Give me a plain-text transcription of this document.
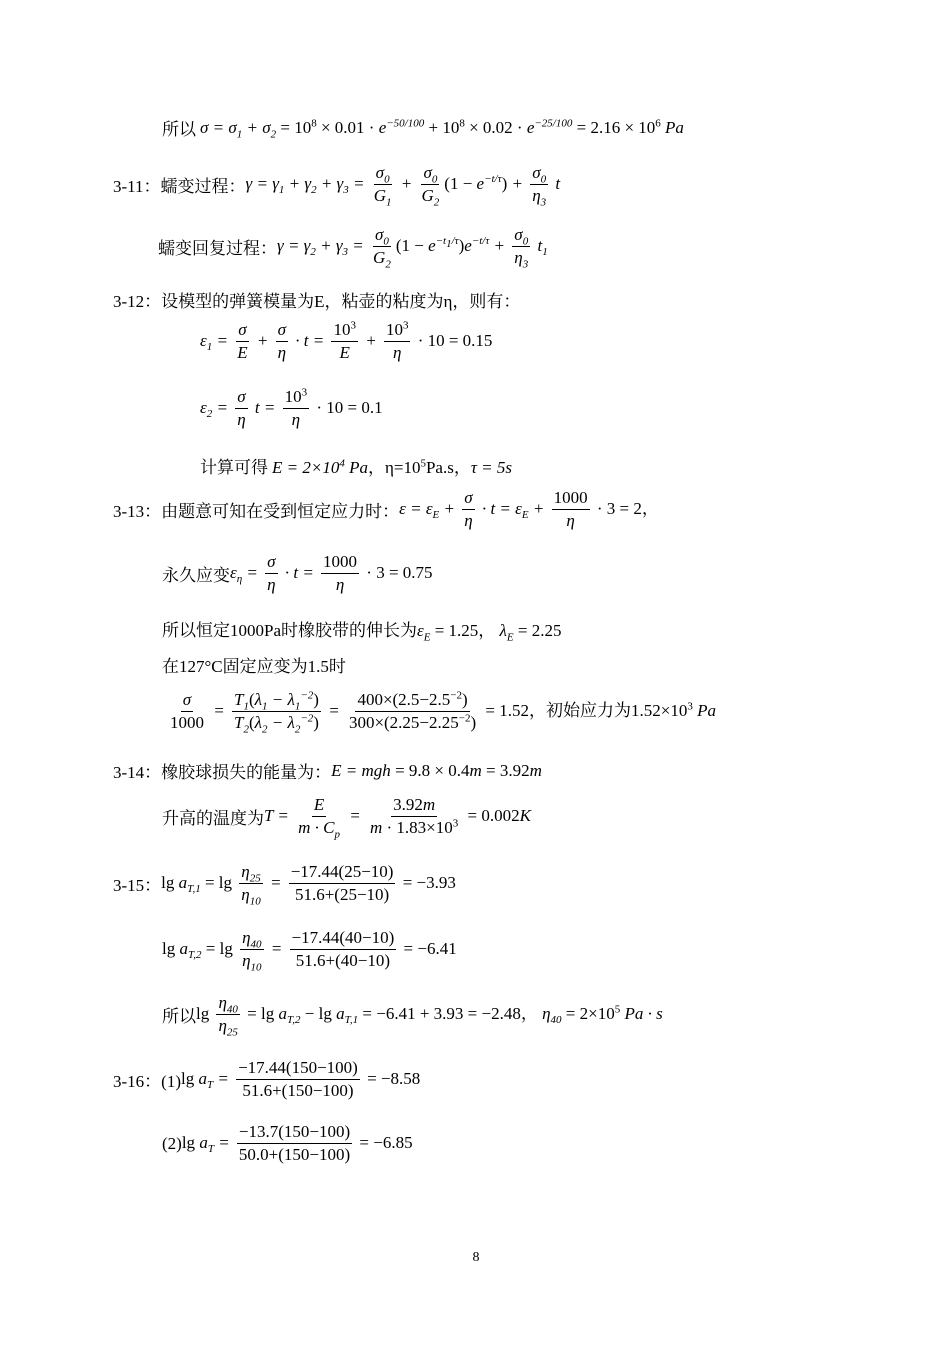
所以 $\sigma = \sigma_1 + \sigma_2 = 10^8 \times 0.01 \cdot e^{-50/100} + 10^8 \times 0.02 \cdot e^{-25/100} = 2.16 \times 10^6$ Pa
3-11：蠕变过程： $\gamma = \gamma_1 + \gamma_2 + \gamma_3 = \frac{\sigma_0}{G_1} + \frac{\sigma_0}{G_2} (1 - e^{-t/\tau}) + \frac{\sigma_0}{\eta_3}$ t
蠕变回复过程： $\gamma = \gamma_2 + \gamma_3 = \frac{\sigma_0}{G_2} (1 - e^{-t_1/\tau})e^{-t/\tau} + \frac{\sigma_0}{\eta_3} t_1$
3-12：设模型的弹簧模量为E，粘壶的粘度为η，则有：
$\varepsilon_1 = \frac{\sigma}{E} + \frac{\sigma}{\eta} \cdot t = \frac{10^3}{E} + \frac{10^3}{\eta} \cdot 10 = 0.15$
$\varepsilon_2 = \frac{\sigma}{\eta}$ $t = \frac{10^3}{\eta} \cdot 10 = 0.1$
计算可得 $E = 2\times 10^4$ Pa，$\eta=10^5Pa.s$，τ = 5s
3-13：由题意可知在受到恒定应力时： $\varepsilon = \varepsilon_E + \frac{\sigma}{\eta} \cdot t = \varepsilon_E + \frac{1000}{\eta} \cdot 3 = 2$，
永久应变 $\varepsilon_\eta = \frac{\sigma}{\eta} \cdot t = \frac{1000}{\eta} \cdot 3 = 0.75$
所以恒定1000Pa时橡胶带的伸长为 $\varepsilon_E = 1.25$， $\lambda_E = 2.25$
在127°C固定应变为1.5时
$\frac{\sigma}{1000} = \frac{T_1(\lambda_1 - \lambda_1^{-2})}{T_2(\lambda_2 - \lambda_2^{-2})} = \frac{400\times(2.5-2.5^{-2})}{300\times(2.25-2.25^{-2})} = 1.52$，初始应力为$1.52\times 10^3$ Pa
3-14：橡胶球损失的能量为： E = mgh = 9.8 × 0.4m = 3.92m
升高的温度为 $T = \frac{E}{m \cdot C_p} = \frac{3.92m}{m \cdot 1.83\times 10^3} = 0.002K$
3-15： $\lg a_{T,1} = \lg \frac{\eta_{25}}{\eta_{10}} = \frac{-17.44(25-10)}{51.6+(25-10)} = -3.93$
$\lg a_{T,2} = \lg \frac{\eta_{40}}{\eta_{10}} = \frac{-17.44(40-10)}{51.6+(40-10)} = -6.41$
所以 $\lg \frac{\eta_{40}}{\eta_{25}} = \lg a_{T,2} - \lg a_{T,1} = -6.41 + 3.93 = -2.48$， $\eta_{40} = 2\times 10^5$ Pa · s
3-16：(1) $\lg a_T = \frac{-17.44(150-100)}{51.6+(150-100)} = -8.58$
(2) $\lg a_T = \frac{-13.7(150-100)}{50.0+(150-100)} = -6.85$
8
